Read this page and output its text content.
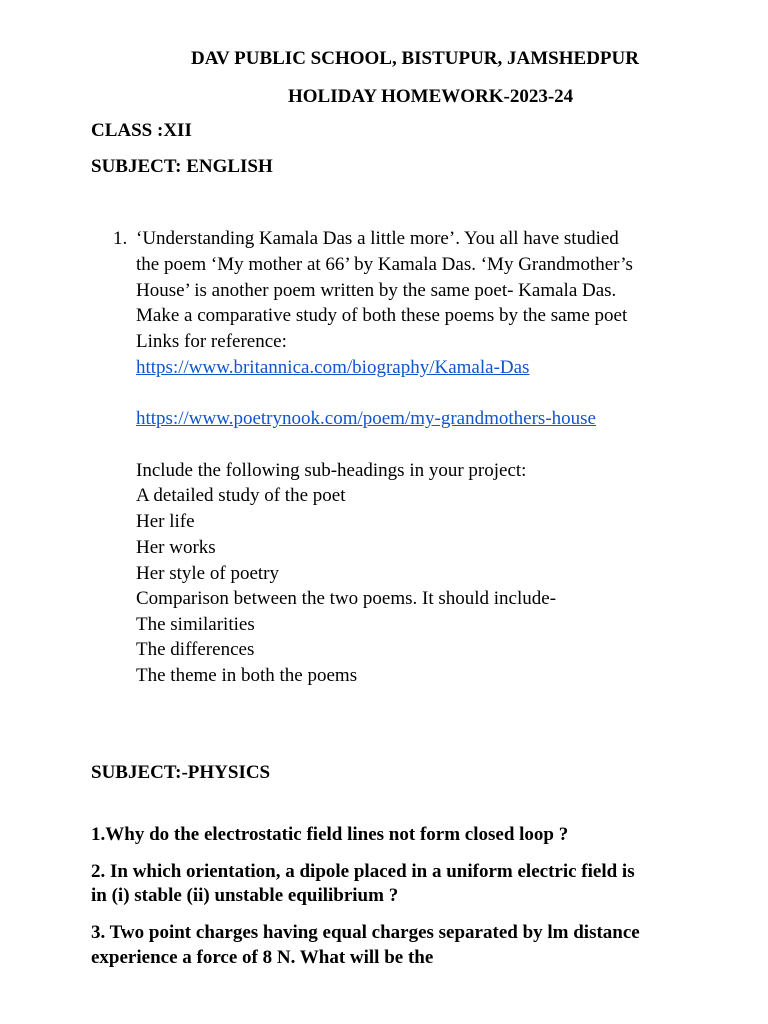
DAV PUBLIC SCHOOL, BISTUPUR, JAMSHEDPUR
HOLIDAY HOMEWORK-2023-24
CLASS :XII
SUBJECT: ENGLISH
1. ‘Understanding Kamala Das a little more’. You all have studied
the poem ‘My mother at 66’ by Kamala Das. ‘My Grandmother’s
House’ is another poem written by the same poet- Kamala Das.
Make a comparative study of both these poems by the same poet
Links for reference:
https://www.britannica.com/biography/Kamala-Das
https://www.poetrynook.com/poem/my-grandmothers-house
Include the following sub-headings in your project:
A detailed study of the poet
Her life
Her works
Her style of poetry
Comparison between the two poems. It should include-
The similarities
The differences
The theme in both the poems
SUBJECT:-PHYSICS
1.Why do the electrostatic field lines not form closed loop ?
2. In which orientation, a dipole placed in a uniform electric field is
in (i) stable (ii) unstable equilibrium ?
3. Two point charges having equal charges separated by lm distance
experience a force of 8 N. What will be the
